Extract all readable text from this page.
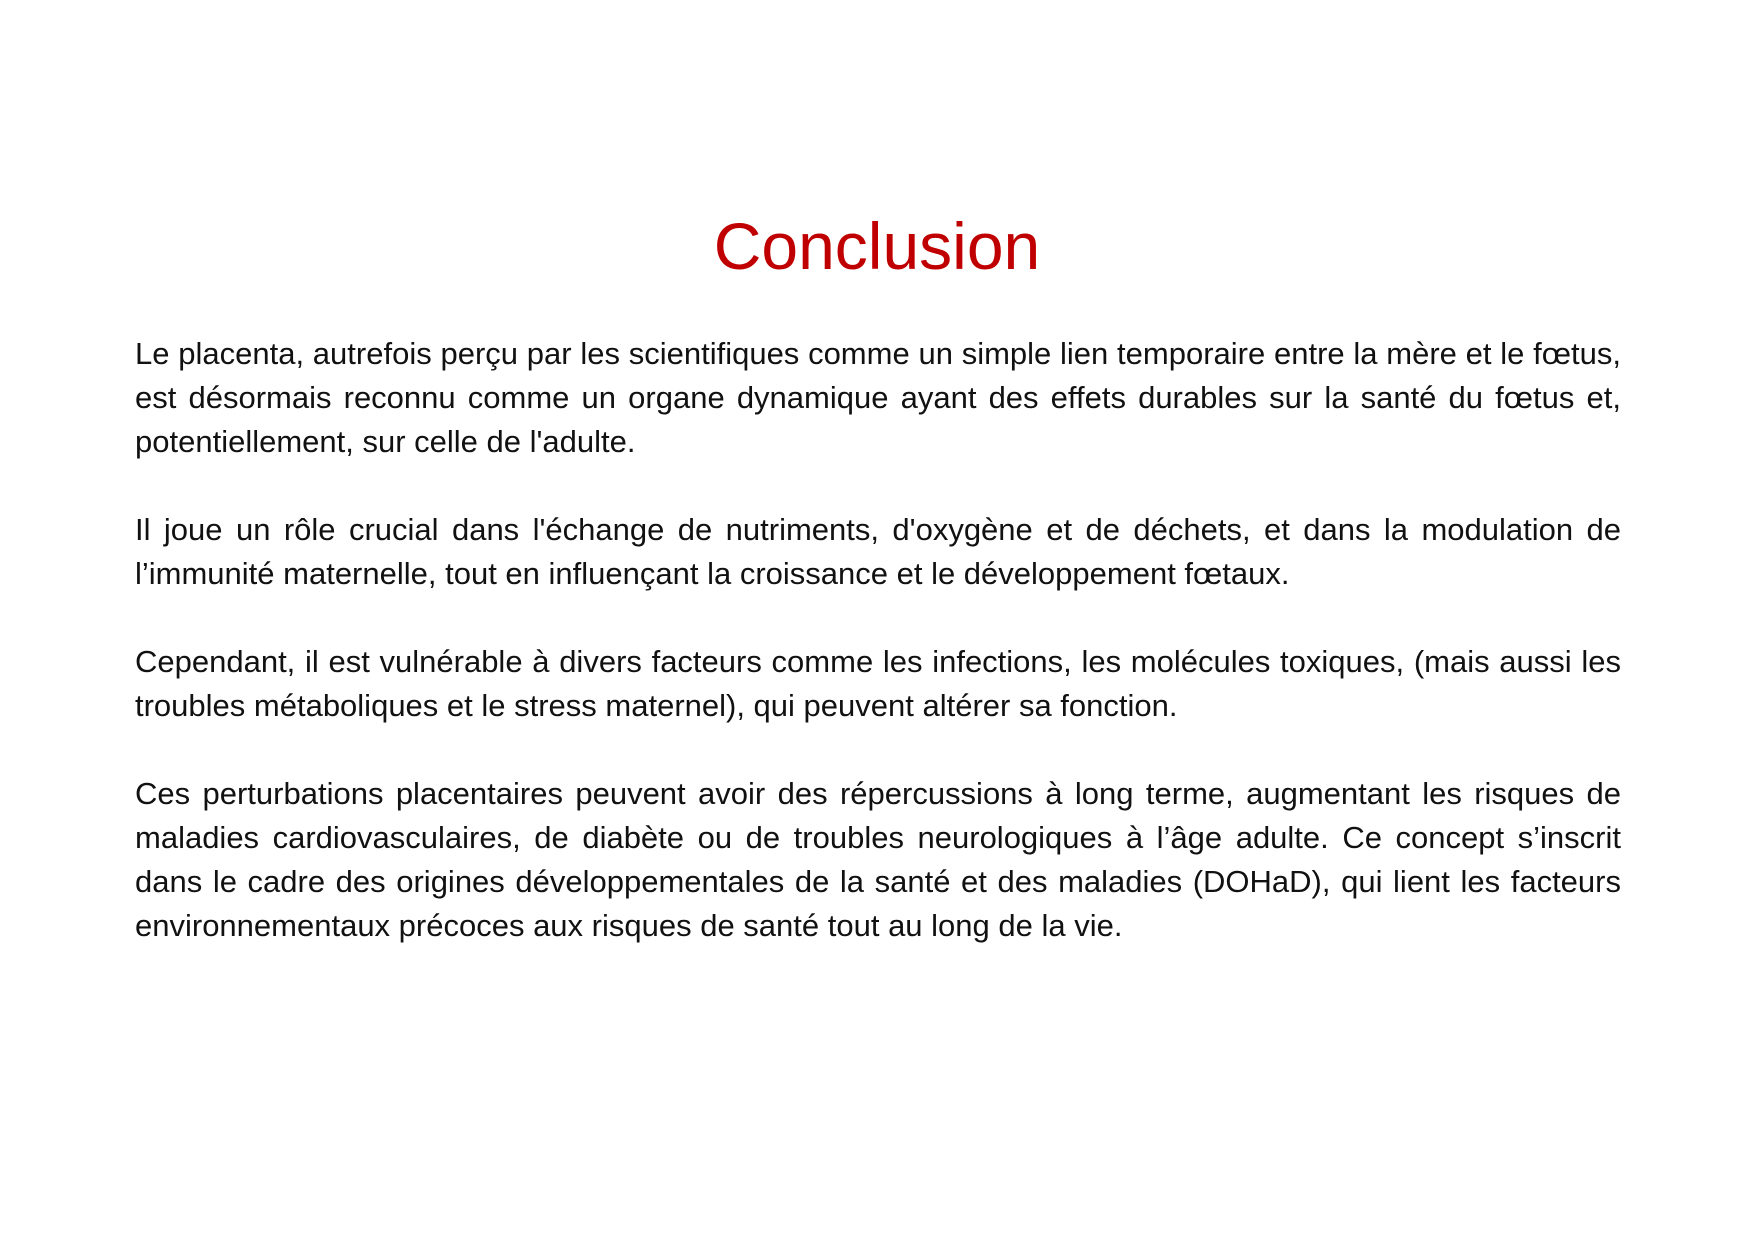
Conclusion

Le placenta, autrefois perçu par les scientifiques comme un simple lien temporaire entre la mère et le fœtus, est désormais reconnu comme un organe dynamique ayant des effets durables sur la santé du fœtus et, potentiellement, sur celle de l'adulte.

Il joue un rôle crucial dans l'échange de nutriments, d'oxygène et de déchets, et dans la modulation de l’immunité maternelle, tout en influençant la croissance et le développement fœtaux.

Cependant, il est vulnérable à divers facteurs comme les infections, les molécules toxiques, (mais aussi les troubles métaboliques et le stress maternel), qui peuvent altérer sa fonction.

Ces perturbations placentaires peuvent avoir des répercussions à long terme, augmentant les risques de maladies cardiovasculaires, de diabète ou de troubles neurologiques à l’âge adulte. Ce concept s’inscrit dans le cadre des origines développementales de la santé et des maladies (DOHaD), qui lient les facteurs environnementaux précoces aux risques de santé tout au long de la vie.
